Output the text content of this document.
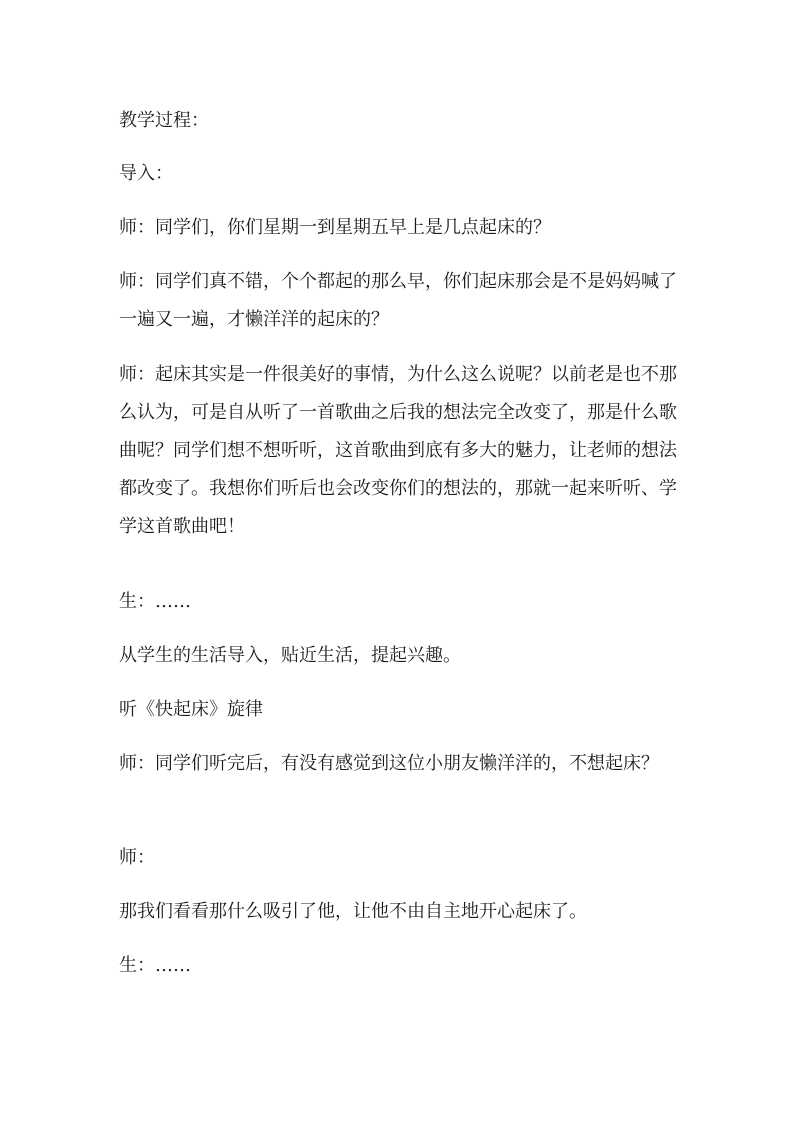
教学过程：

导入：

师：同学们，你们星期一到星期五早上是几点起床的？

师：同学们真不错，个个都起的那么早，你们起床那会是不是妈妈喊了一遍又一遍，才懒洋洋的起床的？

师：起床其实是一件很美好的事情，为什么这么说呢？以前老是也不那么认为，可是自从听了一首歌曲之后我的想法完全改变了，那是什么歌曲呢？同学们想不想听听，这首歌曲到底有多大的魅力，让老师的想法都改变了。我想你们听后也会改变你们的想法的，那就一起来听听、学学这首歌曲吧！

生：……

从学生的生活导入，贴近生活，提起兴趣。

听《快起床》旋律

师：同学们听完后，有没有感觉到这位小朋友懒洋洋的，不想起床？

师：

那我们看看那什么吸引了他，让他不由自主地开心起床了。

生：……
